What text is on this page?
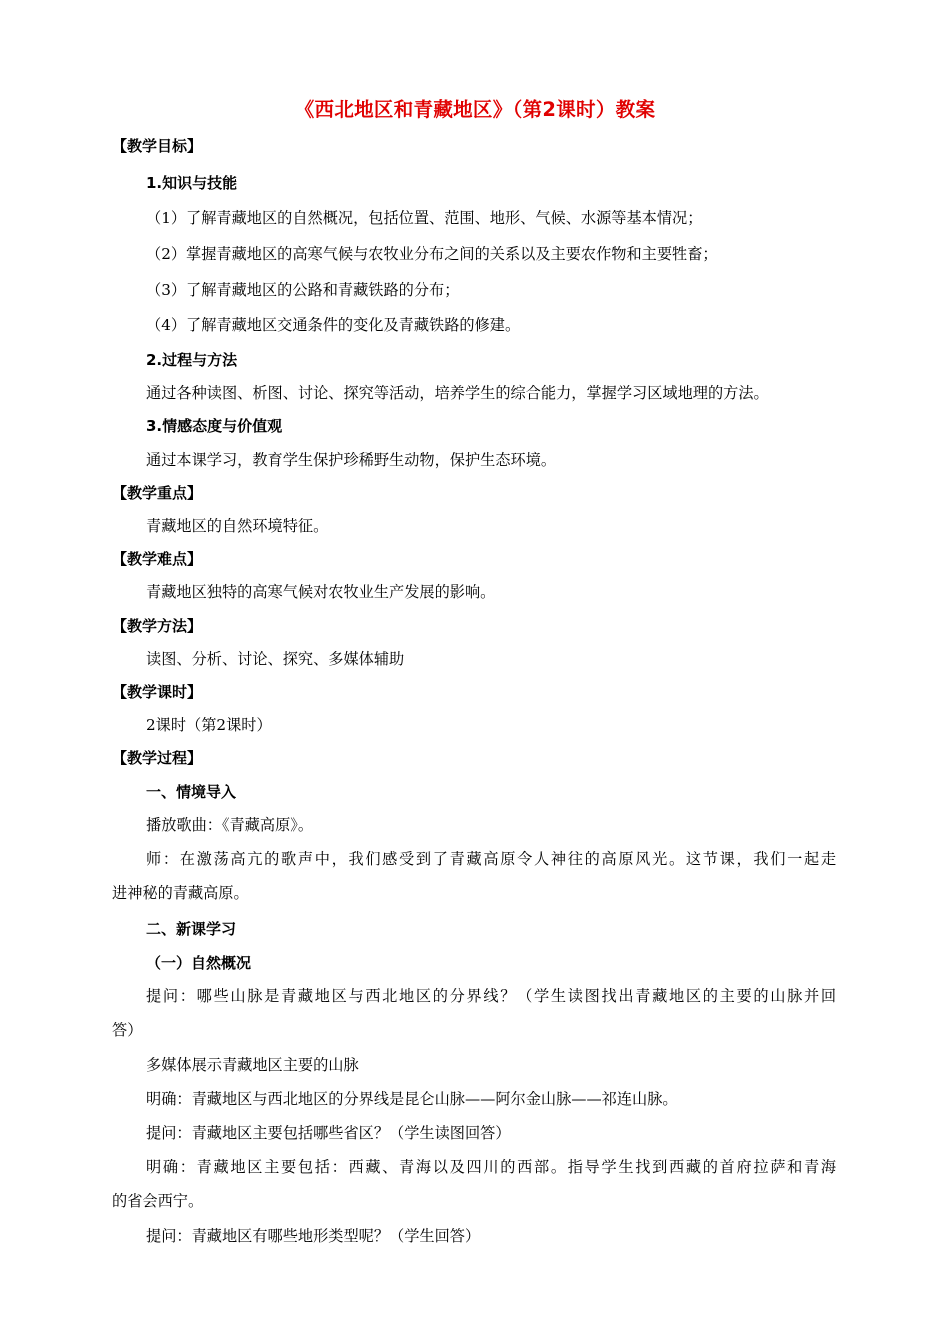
《西北地区和青藏地区》（第2课时）教案
【教学目标】
1.知识与技能
（1）了解青藏地区的自然概况，包括位置、范围、地形、气候、水源等基本情况；
（2）掌握青藏地区的高寒气候与农牧业分布之间的关系以及主要农作物和主要牲畜；
（3）了解青藏地区的公路和青藏铁路的分布；
（4）了解青藏地区交通条件的变化及青藏铁路的修建。
2.过程与方法
通过各种读图、析图、讨论、探究等活动，培养学生的综合能力，掌握学习区域地理的方法。
3.情感态度与价值观
通过本课学习，教育学生保护珍稀野生动物，保护生态环境。
【教学重点】
青藏地区的自然环境特征。
【教学难点】
青藏地区独特的高寒气候对农牧业生产发展的影响。
【教学方法】
读图、分析、讨论、探究、多媒体辅助
【教学课时】
2课时（第2课时）
【教学过程】
一、情境导入
播放歌曲：《青藏高原》。
师：在激荡高亢的歌声中，我们感受到了青藏高原令人神往的高原风光。这节课，我们一起走
进神秘的青藏高原。
二、新课学习
（一）自然概况
提问：哪些山脉是青藏地区与西北地区的分界线？（学生读图找出青藏地区的主要的山脉并回
答）
多媒体展示青藏地区主要的山脉
明确：青藏地区与西北地区的分界线是昆仑山脉——阿尔金山脉——祁连山脉。
提问：青藏地区主要包括哪些省区？（学生读图回答）
明确：青藏地区主要包括：西藏、青海以及四川的西部。指导学生找到西藏的首府拉萨和青海
的省会西宁。
提问：青藏地区有哪些地形类型呢？（学生回答）
